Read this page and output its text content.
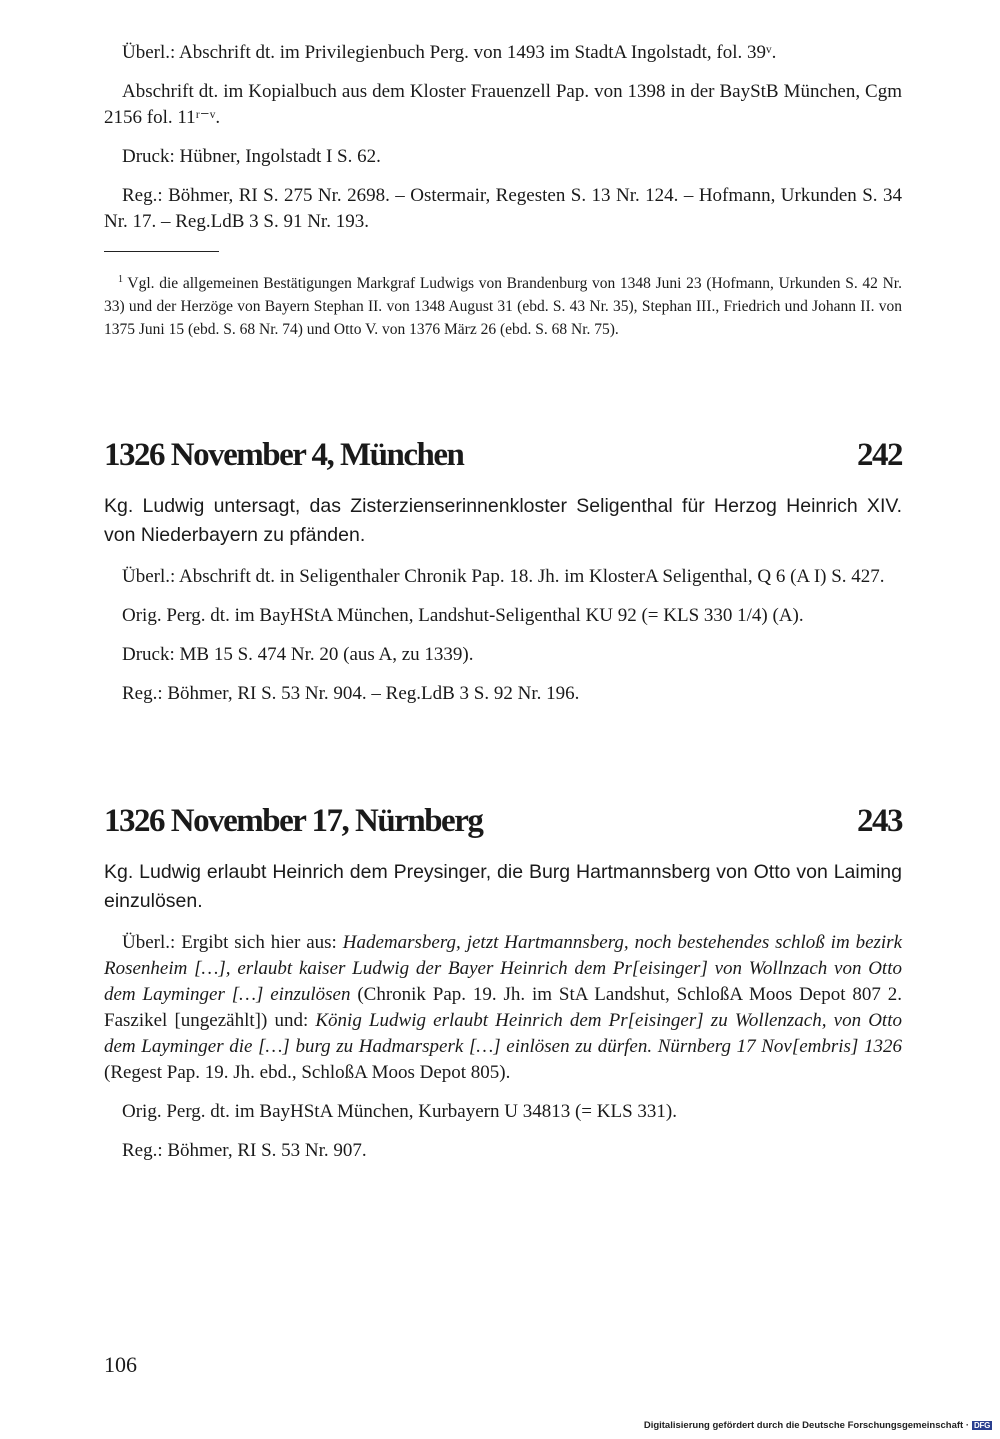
Überl.: Abschrift dt. im Privilegienbuch Perg. von 1493 im StadtA Ingolstadt, fol. 39ᵛ.

Abschrift dt. im Kopialbuch aus dem Kloster Frauenzell Pap. von 1398 in der BayStB München, Cgm 2156 fol. 11ʳ⁻ᵛ.

Druck: Hübner, Ingolstadt I S. 62.

Reg.: Böhmer, RI S. 275 Nr. 2698. – Ostermair, Regesten S. 13 Nr. 124. – Hofmann, Urkunden S. 34 Nr. 17. – Reg.LdB 3 S. 91 Nr. 193.

$^1$ Vgl. die allgemeinen Bestätigungen Markgraf Ludwigs von Brandenburg von 1348 Juni 23 (Hofmann, Urkunden S. 42 Nr. 33) und der Herzöge von Bayern Stephan II. von 1348 August 31 (ebd. S. 43 Nr. 35), Stephan III., Friedrich und Johann II. von 1375 Juni 15 (ebd. S. 68 Nr. 74) und Otto V. von 1376 März 26 (ebd. S. 68 Nr. 75).

1326 November 4, München	242

Kg. Ludwig untersagt, das Zisterzienserinnenkloster Seligenthal für Herzog Heinrich XIV. von Niederbayern zu pfänden.

Überl.: Abschrift dt. in Seligenthaler Chronik Pap. 18. Jh. im KlosterA Seligenthal, Q 6 (A I) S. 427.

Orig. Perg. dt. im BayHStA München, Landshut-Seligenthal KU 92 (= KLS 330 1/4) (A).

Druck: MB 15 S. 474 Nr. 20 (aus A, zu 1339).

Reg.: Böhmer, RI S. 53 Nr. 904. – Reg.LdB 3 S. 92 Nr. 196.

1326 November 17, Nürnberg	243

Kg. Ludwig erlaubt Heinrich dem Preysinger, die Burg Hartmannsberg von Otto von Laiming einzulösen.

Überl.: Ergibt sich hier aus: Hademarsberg, jetzt Hartmannsberg, noch bestehendes schloß im bezirk Rosenheim […], erlaubt kaiser Ludwig der Bayer Heinrich dem Pr[eisinger] von Wollnzach von Otto dem Layminger […] einzulösen (Chronik Pap. 19. Jh. im StA Landshut, SchloßA Moos Depot 807 2. Faszikel [ungezählt]) und: König Ludwig erlaubt Heinrich dem Pr[eisinger] zu Wollenzach, von Otto dem Layminger die […] burg zu Hadmarsperk […] einlösen zu dürfen. Nürnberg 17 Nov[embris] 1326 (Regest Pap. 19. Jh. ebd., SchloßA Moos Depot 805).

Orig. Perg. dt. im BayHStA München, Kurbayern U 34813 (= KLS 331).

Reg.: Böhmer, RI S. 53 Nr. 907.

106
Digitalisierung gefördert durch die Deutsche Forschungsgemeinschaft · DFG
